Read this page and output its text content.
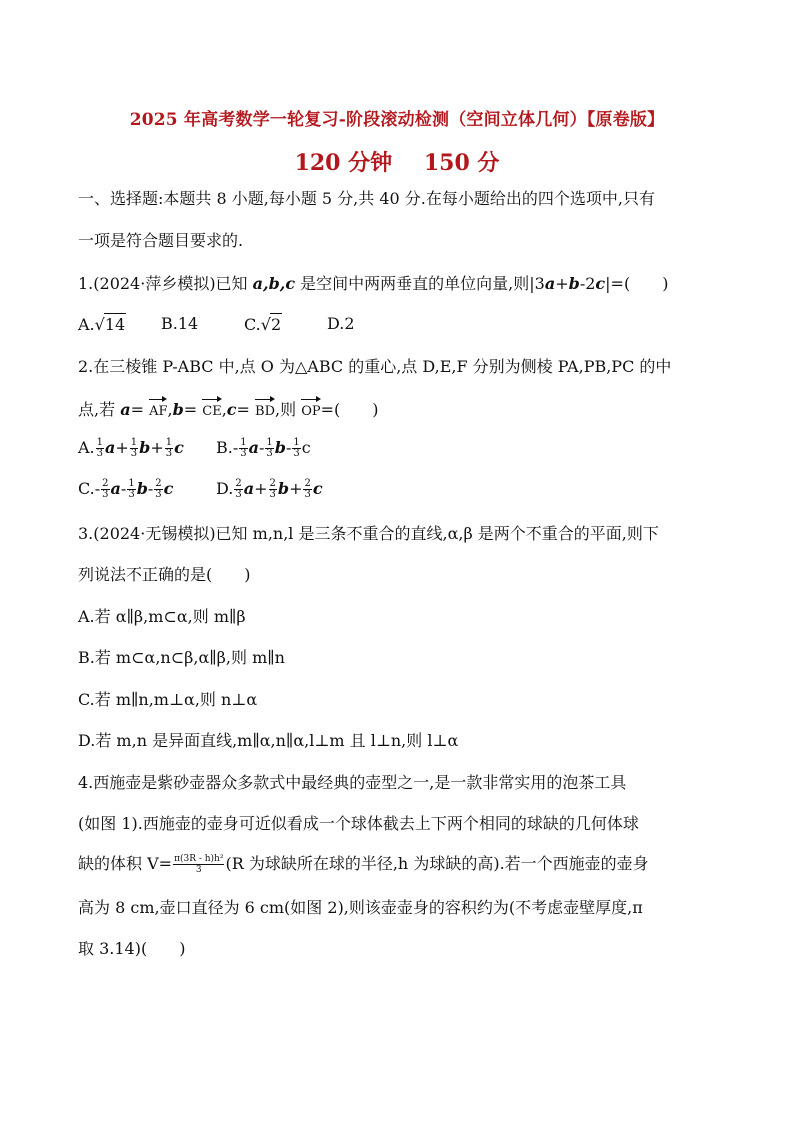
2025 年高考数学一轮复习-阶段滚动检测（空间立体几何）【原卷版】
120 分钟 150 分
一、选择题:本题共 8 小题,每小题 5 分,共 40 分.在每小题给出的四个选项中,只有
一项是符合题目要求的.
1.(2024·萍乡模拟)已知 a,b,c 是空间中两两垂直的单位向量,则|3a+b-2c|=(　　)
A.√14 B.14	C.√2	D.2
2.在三棱锥 P-ABC 中,点 O 为△ABC 的重心,点 D,E,F 分别为侧棱 PA,PB,PC 的中
点,若 a= AF,b= CE,c= BD,则 OP=(　　)
A. $\frac{1}{3} a+ \frac{1}{3} b+ \frac{1}{3}$ c $B.- \frac{1}{3} a- \frac{1}{3} b- \frac{1}{3}$ c
$C.- \frac{2}{3} a- \frac{1}{3} b- \frac{2}{3}$ c	D. $\frac{2}{3} a+ \frac{2}{3} b+ \frac{2}{3}$ c
3.(2024·无锡模拟)已知 m,n,l 是三条不重合的直线,α,β 是两个不重合的平面,则下
列说法不正确的是(　　)
A.若 α∥β,m⊂α,则 m∥β
B.若 m⊂α,n⊂β,α∥β,则 m∥n
C.若 m∥n,m⊥α,则 n⊥α
D.若 m,n 是异面直线,m∥α,n∥α,l⊥m 且 l⊥n,则 l⊥α
4.西施壶是紫砂壶器众多款式中最经典的壶型之一,是一款非常实用的泡茶工具
(如图 1).西施壶的壶身可近似看成一个球体截去上下两个相同的球缺的几何体球
缺的体积 $V= \frac{\text{π(3R - h)h²}}{3} (R$ 为球缺所在球的半径,h 为球缺的高).若一个西施壶的壶身
高为 8 cm,壶口直径为 6 cm(如图 2),则该壶壶身的容积约为(不考虑壶壁厚度,π
取 3.14)(　　)
